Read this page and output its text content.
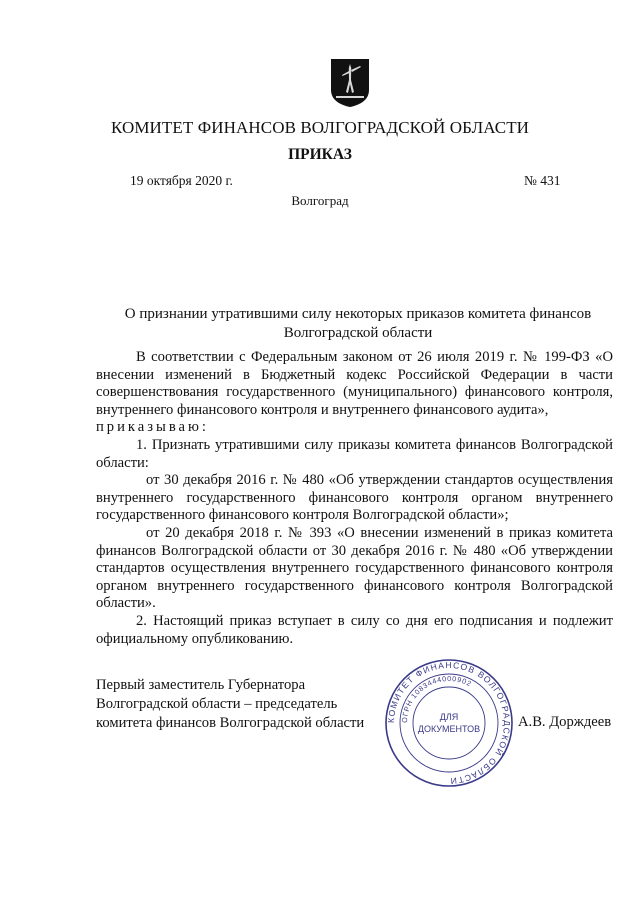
КОМИТЕТ ФИНАНСОВ ВОЛГОГРАДСКОЙ ОБЛАСТИ
ПРИКАЗ
19 октября 2020 г.	№ 431
Волгоград
О признании утратившими силу некоторых приказов комитета финансов
Волгоградской области

В соответствии с Федеральным законом от 26 июля 2019 г. № 199-ФЗ «О внесении изменений в Бюджетный кодекс Российской Федерации в части совершенствования государственного (муниципального) финансового контроля, внутреннего финансового контроля и внутреннего финансового аудита»,

приказываю:

1. Признать утратившими силу приказы комитета финансов Волгоградской области:

от 30 декабря 2016 г. № 480 «Об утверждении стандартов осуществления внутреннего государственного финансового контроля органом внутреннего государственного финансового контроля Волгоградской области»;

от 20 декабря 2018 г. № 393 «О внесении изменений в приказ комитета финансов Волгоградской области от 30 декабря 2016 г. № 480 «Об утверждении стандартов осуществления внутреннего государственного финансового контроля органом внутреннего государственного финансового контроля Волгоградской области».

2. Настоящий приказ вступает в силу со дня его подписания и подлежит официальному опубликованию.

Первый заместитель Губернатора
Волгоградской области – председатель
комитета финансов Волгоградской области	КОМИТЕТ ФИНАНСОВ ВОЛГОГРАДСКОЙ ОБЛАСТИ
ОГРН 1083444000902
ДЛЯ
ДОКУМЕНТОВ	А.В. Дорждеев
